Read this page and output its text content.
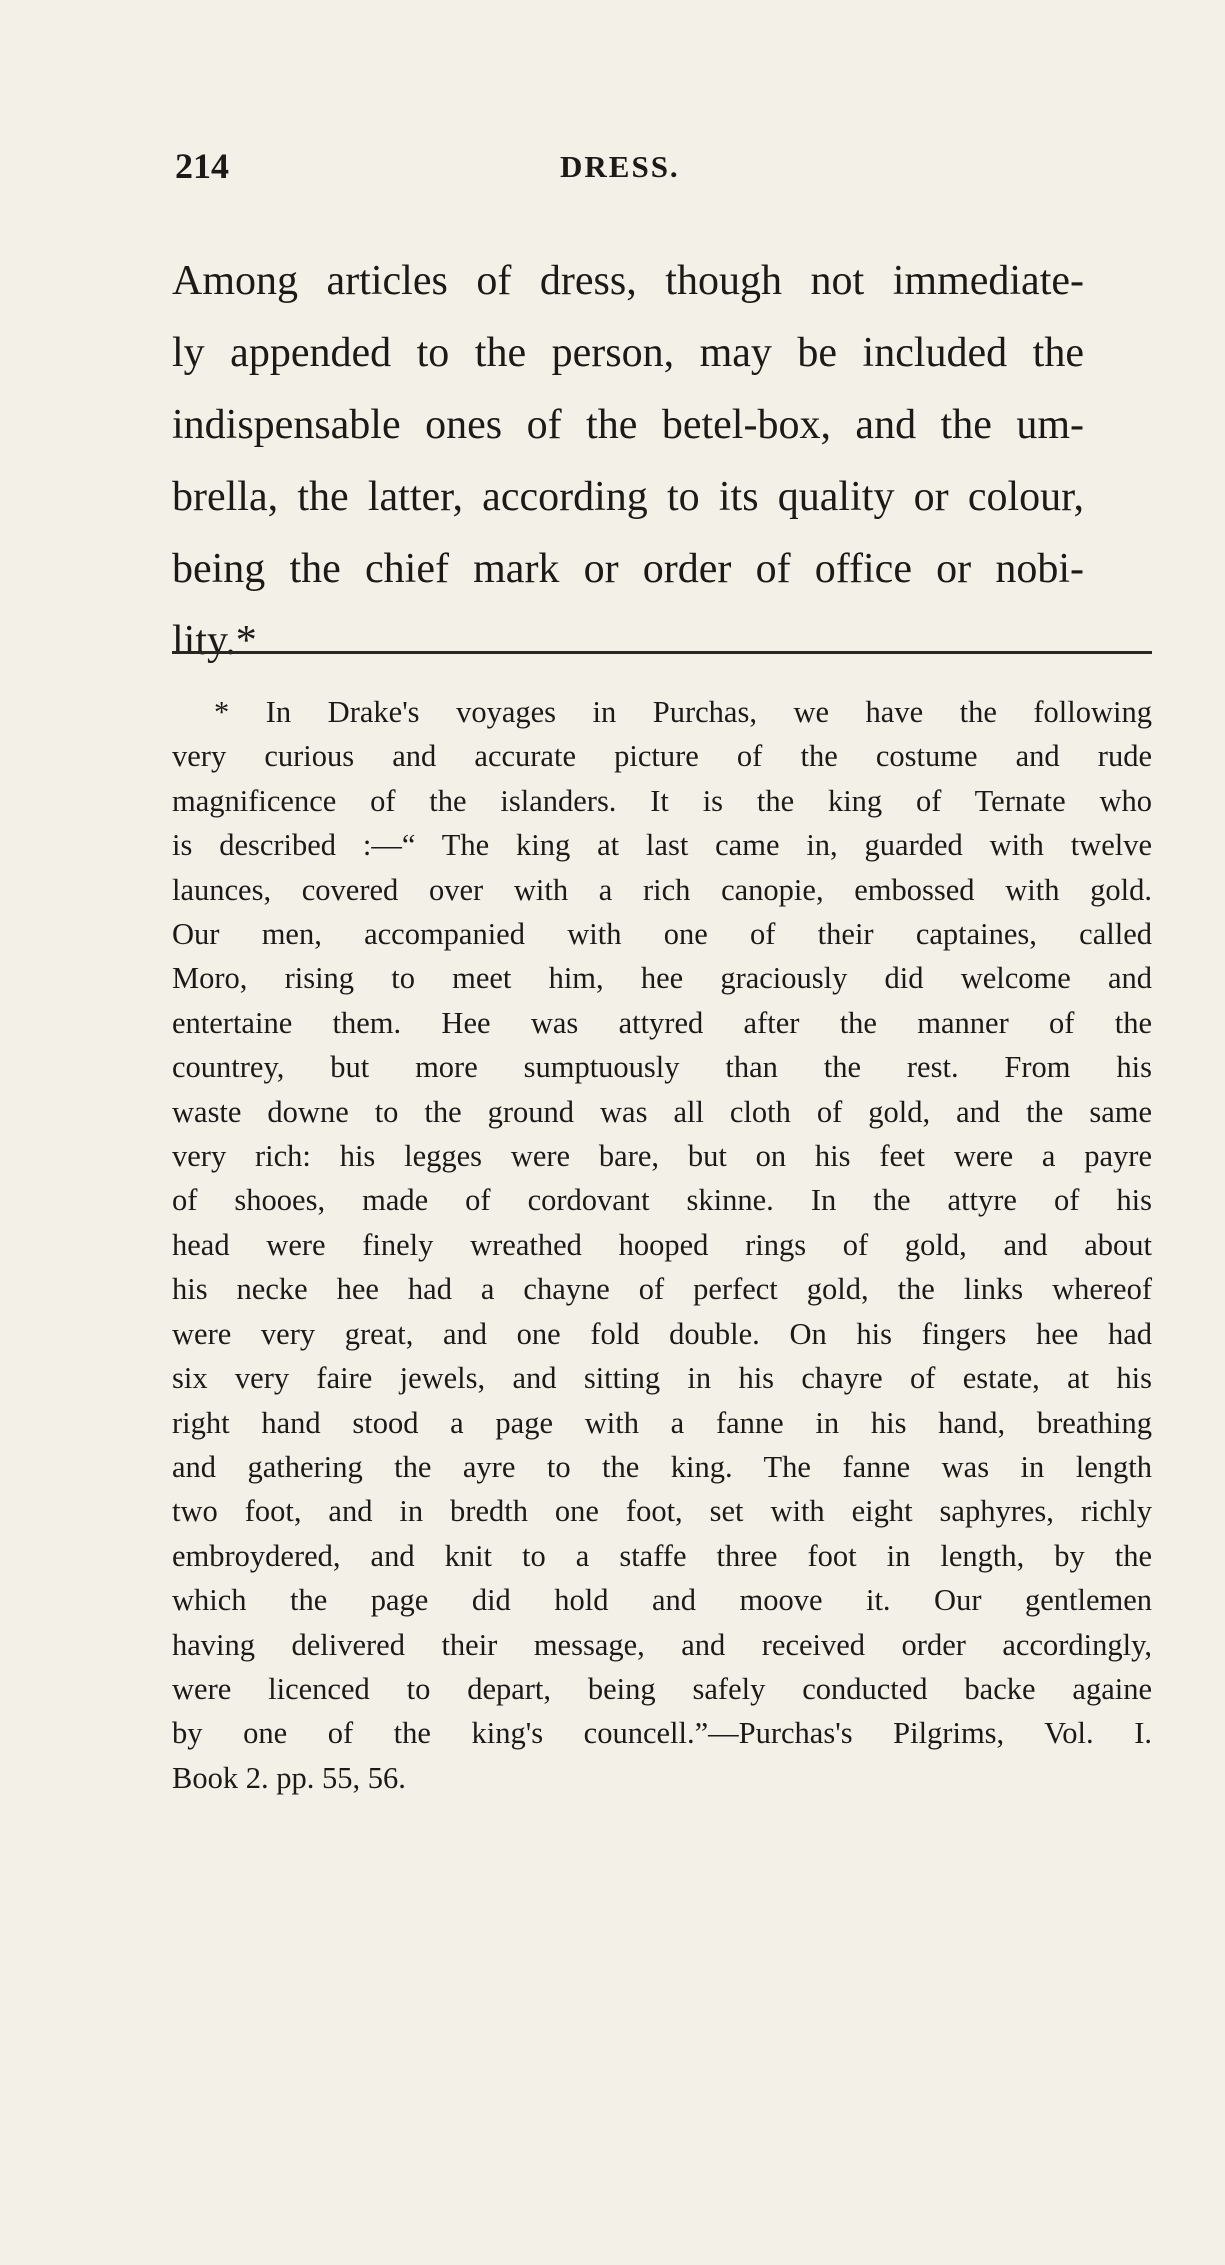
214	DRESS.

Among articles of dress, though not immediate-
ly appended to the person, may be included the
indispensable ones of the betel-box, and the um-
brella, the latter, according to its quality or colour,
being the chief mark or order of office or nobi-
lity.*

* In Drake's voyages in Purchas, we have the following
very curious and accurate picture of the costume and rude
magnificence of the islanders. It is the king of Ternate who
is described :—“ The king at last came in, guarded with twelve
launces, covered over with a rich canopie, embossed with gold.
Our men, accompanied with one of their captaines, called
Moro, rising to meet him, hee graciously did welcome and
entertaine them. Hee was attyred after the manner of the
countrey, but more sumptuously than the rest. From his
waste downe to the ground was all cloth of gold, and the same
very rich: his legges were bare, but on his feet were a payre
of shooes, made of cordovant skinne. In the attyre of his
head were finely wreathed hooped rings of gold, and about
his necke hee had a chayne of perfect gold, the links whereof
were very great, and one fold double. On his fingers hee had
six very faire jewels, and sitting in his chayre of estate, at his
right hand stood a page with a fanne in his hand, breathing
and gathering the ayre to the king. The fanne was in length
two foot, and in bredth one foot, set with eight saphyres, richly
embroydered, and knit to a staffe three foot in length, by the
which the page did hold and moove it. Our gentlemen
having delivered their message, and received order accordingly,
were licenced to depart, being safely conducted backe againe
by one of the king's councell.”—Purchas's Pilgrims, Vol. I.
Book 2. pp. 55, 56.
